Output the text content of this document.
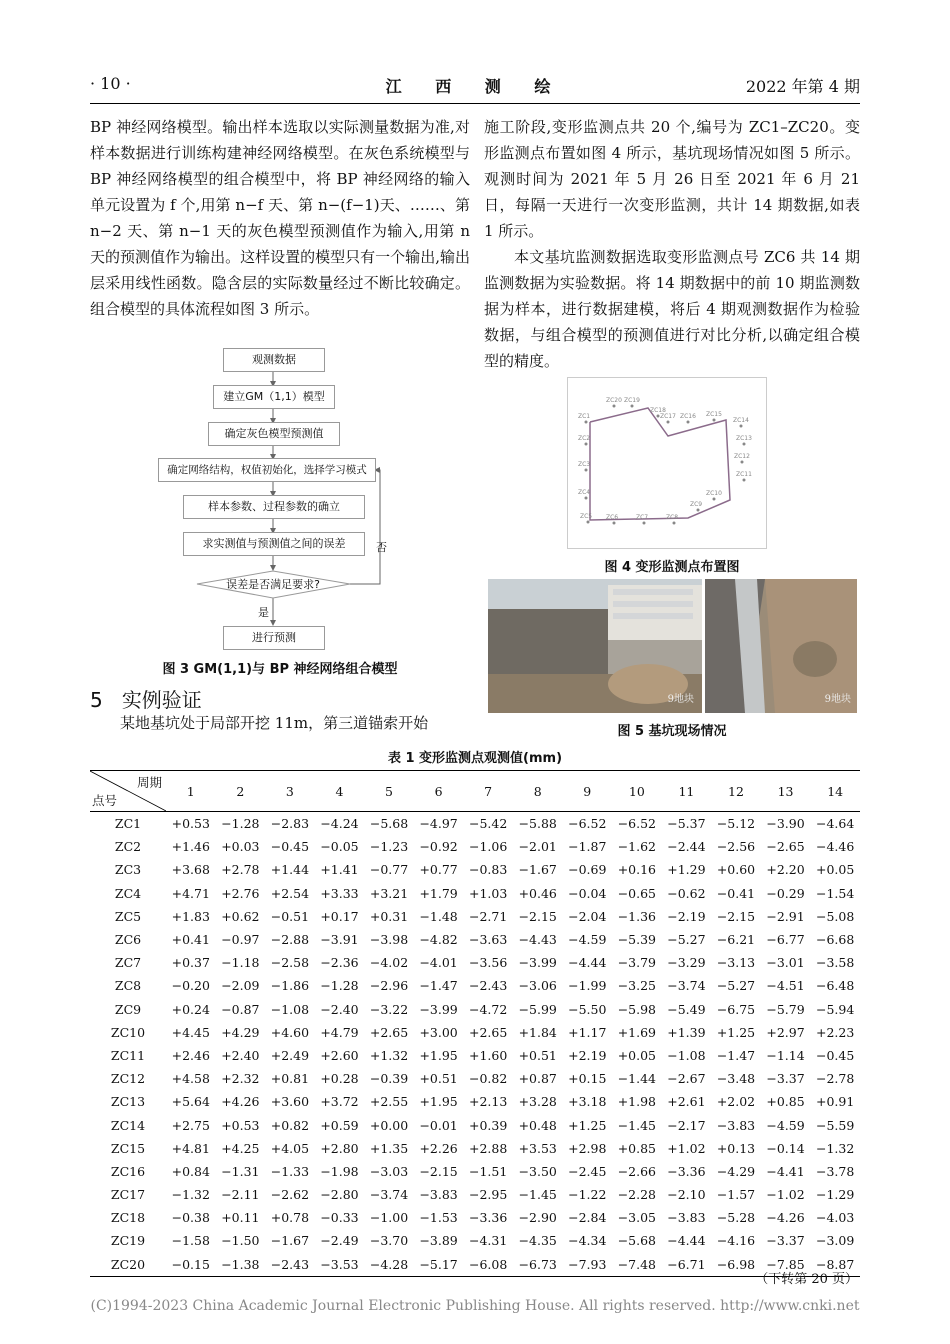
· 10 ·	江 西 测 绘	2022 年第 4 期

BP 神经网络模型。输出样本选取以实际测量数据为准,对样本数据进行训练构建神经网络模型。在灰色系统模型与 BP 神经网络模型的组合模型中，将 BP 神经网络的输入单元设置为 f 个,用第 n−f 天、第 n−(f−1)天、……、第 n−2 天、第 n−1 天的灰色模型预测值作为输入,用第 n 天的预测值作为输出。这样设置的模型只有一个输出,输出层采用线性函数。隐含层的实际数量经过不断比较确定。组合模型的具体流程如图 3 所示。

观测数据
建立GM（1,1）模型
确定灰色模型预测值
确定网络结构，权值初始化，选择学习模式
样本参数、过程参数的确立
求实测值与预测值之间的误差
误差是否满足要求?
是
否
进行预测
图 3 GM(1,1)与 BP 神经网络组合模型
5 实例验证
某地基坑处于局部开挖 11m，第三道锚索开始

施工阶段,变形监测点共 20 个,编号为 ZC1–ZC20。变形监测点布置如图 4 所示，基坑现场情况如图 5 所示。观测时间为 2021 年 5 月 26 日至 2021 年 6 月 21 日，每隔一天进行一次变形监测，共计 14 期数据,如表 1 所示。

本文基坑监测数据选取变形监测点号 ZC6 共 14 期监测数据为实验数据。将 14 期数据中的前 10 期监测数据为样本，进行数据建模，将后 4 期观测数据作为检验数据，与组合模型的预测值进行对比分析,以确定组合模型的精度。

ZC1
ZC2
ZC3
ZC4
ZC5 ZC6	ZC7	ZC8
ZC9
ZC10
ZC11
ZC12
ZC13
ZC14
ZC15
ZC16
ZC17
ZC18
ZC19
ZC20
图 4 变形监测点布置图
9地块	9地块
图 5 基坑现场情况
表 1 变形监测点观测值(mm)
周期
点号	1	2	3	4	5	6	7	8	9	10	11	12	13	14
ZC1	+0.53	−1.28	−2.83	−4.24	−5.68	−4.97	−5.42	−5.88	−6.52	−6.52	−5.37	−5.12	−3.90	−4.64
ZC2	+1.46	+0.03	−0.45	−0.05	−1.23	−0.92	−1.06	−2.01	−1.87	−1.62	−2.44	−2.56	−2.65	−4.46
ZC3	+3.68	+2.78	+1.44	+1.41	−0.77	+0.77	−0.83	−1.67	−0.69	+0.16	+1.29	+0.60	+2.20	+0.05
ZC4	+4.71	+2.76	+2.54	+3.33	+3.21	+1.79	+1.03	+0.46	−0.04	−0.65	−0.62	−0.41	−0.29	−1.54
ZC5	+1.83	+0.62	−0.51	+0.17	+0.31	−1.48	−2.71	−2.15	−2.04	−1.36	−2.19	−2.15	−2.91	−5.08
ZC6	+0.41	−0.97	−2.88	−3.91	−3.98	−4.82	−3.63	−4.43	−4.59	−5.39	−5.27	−6.21	−6.77	−6.68
ZC7	+0.37	−1.18	−2.58	−2.36	−4.02	−4.01	−3.56	−3.99	−4.44	−3.79	−3.29	−3.13	−3.01	−3.58
ZC8	−0.20	−2.09	−1.86	−1.28	−2.96	−1.47	−2.43	−3.06	−1.99	−3.25	−3.74	−5.27	−4.51	−6.48
ZC9	+0.24	−0.87	−1.08	−2.40	−3.22	−3.99	−4.72	−5.99	−5.50	−5.98	−5.49	−6.75	−5.79	−5.94
ZC10	+4.45	+4.29	+4.60	+4.79	+2.65	+3.00	+2.65	+1.84	+1.17	+1.69	+1.39	+1.25	+2.97	+2.23
ZC11	+2.46	+2.40	+2.49	+2.60	+1.32	+1.95	+1.60	+0.51	+2.19	+0.05	−1.08	−1.47	−1.14	−0.45
ZC12	+4.58	+2.32	+0.81	+0.28	−0.39	+0.51	−0.82	+0.87	+0.15	−1.44	−2.67	−3.48	−3.37	−2.78
ZC13	+5.64	+4.26	+3.60	+3.72	+2.55	+1.95	+2.13	+3.28	+3.18	+1.98	+2.61	+2.02	+0.85	+0.91
ZC14	+2.75	+0.53	+0.82	+0.59	+0.00	−0.01	+0.39	+0.48	+1.25	−1.45	−2.17	−3.83	−4.59	−5.59
ZC15	+4.81	+4.25	+4.05	+2.80	+1.35	+2.26	+2.88	+3.53	+2.98	+0.85	+1.02	+0.13	−0.14	−1.32
ZC16	+0.84	−1.31	−1.33	−1.98	−3.03	−2.15	−1.51	−3.50	−2.45	−2.66	−3.36	−4.29	−4.41	−3.78
ZC17	−1.32	−2.11	−2.62	−2.80	−3.74	−3.83	−2.95	−1.45	−1.22	−2.28	−2.10	−1.57	−1.02	−1.29
ZC18	−0.38	+0.11	+0.78	−0.33	−1.00	−1.53	−3.36	−2.90	−2.84	−3.05	−3.83	−5.28	−4.26	−4.03
ZC19	−1.58	−1.50	−1.67	−2.49	−3.70	−3.89	−4.31	−4.35	−4.34	−5.68	−4.44	−4.16	−3.37	−3.09
ZC20	−0.15	−1.38	−2.43	−3.53	−4.28	−5.17	−6.08	−6.73	−7.93	−7.48	−6.71	−6.98	−7.85	−8.87
（下转第 20 页）
(C)1994-2023 China Academic Journal Electronic Publishing House. All rights reserved. http://www.cnki.net
